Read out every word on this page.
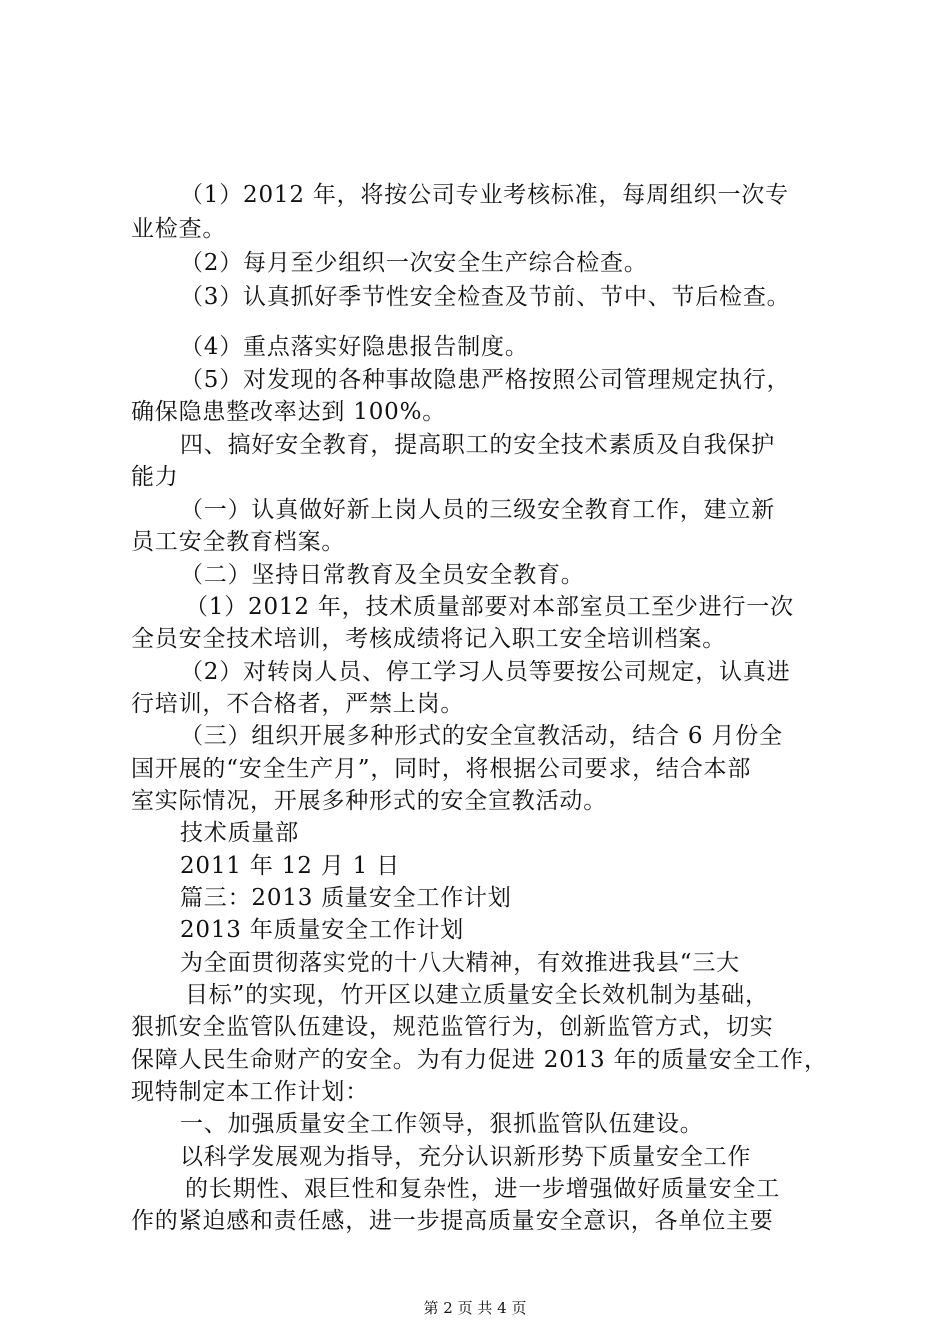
（1）2012 年，将按公司专业考核标准，每周组织一次专
业检查。
（2）每月至少组织一次安全生产综合检查。
（3）认真抓好季节性安全检查及节前、节中、节后检查。
（4）重点落实好隐患报告制度。
（5）对发现的各种事故隐患严格按照公司管理规定执行，
确保隐患整改率达到 100%。
四、搞好安全教育，提高职工的安全技术素质及自我保护
能力
（一）认真做好新上岗人员的三级安全教育工作，建立新
员工安全教育档案。
（二）坚持日常教育及全员安全教育。
（1）2012 年，技术质量部要对本部室员工至少进行一次
全员安全技术培训，考核成绩将记入职工安全培训档案。
（2）对转岗人员、停工学习人员等要按公司规定，认真进
行培训，不合格者，严禁上岗。
（三）组织开展多种形式的安全宣教活动，结合 6 月份全
国开展的“安全生产月”，同时，将根据公司要求，结合本部
室实际情况，开展多种形式的安全宣教活动。
技术质量部
2011 年 12 月 1 日
篇三：2013 质量安全工作计划
2013 年质量安全工作计划
为全面贯彻落实党的十八大精神，有效推进我县“三大
目标”的实现，竹开区以建立质量安全长效机制为基础，
狠抓安全监管队伍建设，规范监管行为，创新监管方式，切实
保障人民生命财产的安全。为有力促进 2013 年的质量安全工作，
现特制定本工作计划：
一、加强质量安全工作领导，狠抓监管队伍建设。
以科学发展观为指导，充分认识新形势下质量安全工作
的长期性、艰巨性和复杂性，进一步增强做好质量安全工
作的紧迫感和责任感，进一步提高质量安全意识，各单位主要
第 2 页 共 4 页
